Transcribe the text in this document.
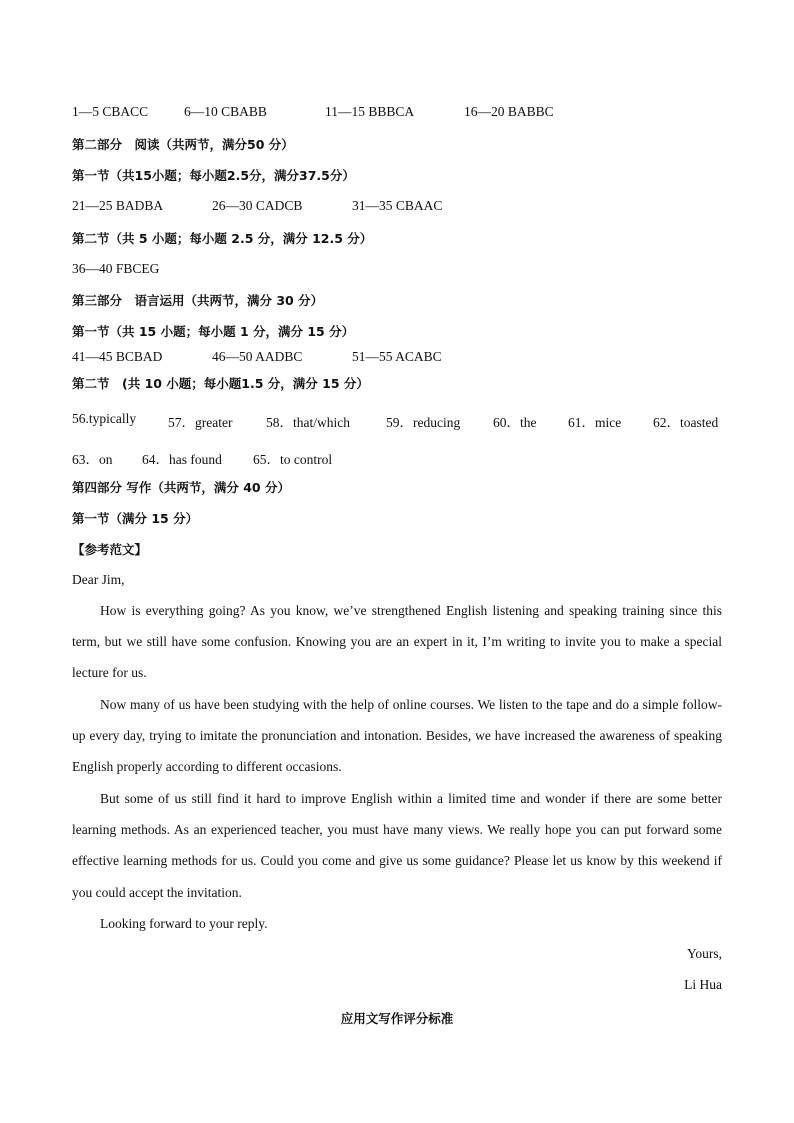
1—5 CBACC	6—10 CBABB	11—15 BBBCA	16—20 BABBC
第二部分　阅读（共两节，满分50 分）
第一节（共15小题；每小题2.5分，满分37.5分）
21—25 BADBA	26—30 CADCB	31—35 CBAAC
第二节（共 5 小题；每小题 2.5 分，满分 12.5 分）
36—40 FBCEG
第三部分　语言运用（共两节，满分 30 分）
第一节（共 15 小题；每小题 1 分，满分 15 分）
41—45 BCBAD	46—50 AADBC	51—55 ACABC
第二节　(共 10 小题；每小题1.5 分，满分 15 分）
56.typically 57．greater 58．that/which	59．reducing 60．the 61．mice 62．toasted
63．on 64．has found 65．to control
第四部分 写作（共两节，满分 40 分）
第一节（满分 15 分）
【参考范文】
Dear Jim,
How is everything going? As you know, we’ve strengthened English listening and speaking training since this term, but we still have some confusion. Knowing you are an expert in it, I’m writing to invite you to make a special lecture for us.
Now many of us have been studying with the help of online courses. We listen to the tape and do a simple follow-up every day, trying to imitate the pronunciation and intonation. Besides, we have increased the awareness of speaking English properly according to different occasions.
But some of us still find it hard to improve English within a limited time and wonder if there are some better learning methods. As an experienced teacher, you must have many views. We really hope you can put forward some effective learning methods for us. Could you come and give us some guidance? Please let us know by this weekend if you could accept the invitation.
Looking forward to your reply.
Yours,
Li Hua
应用文写作评分标准
